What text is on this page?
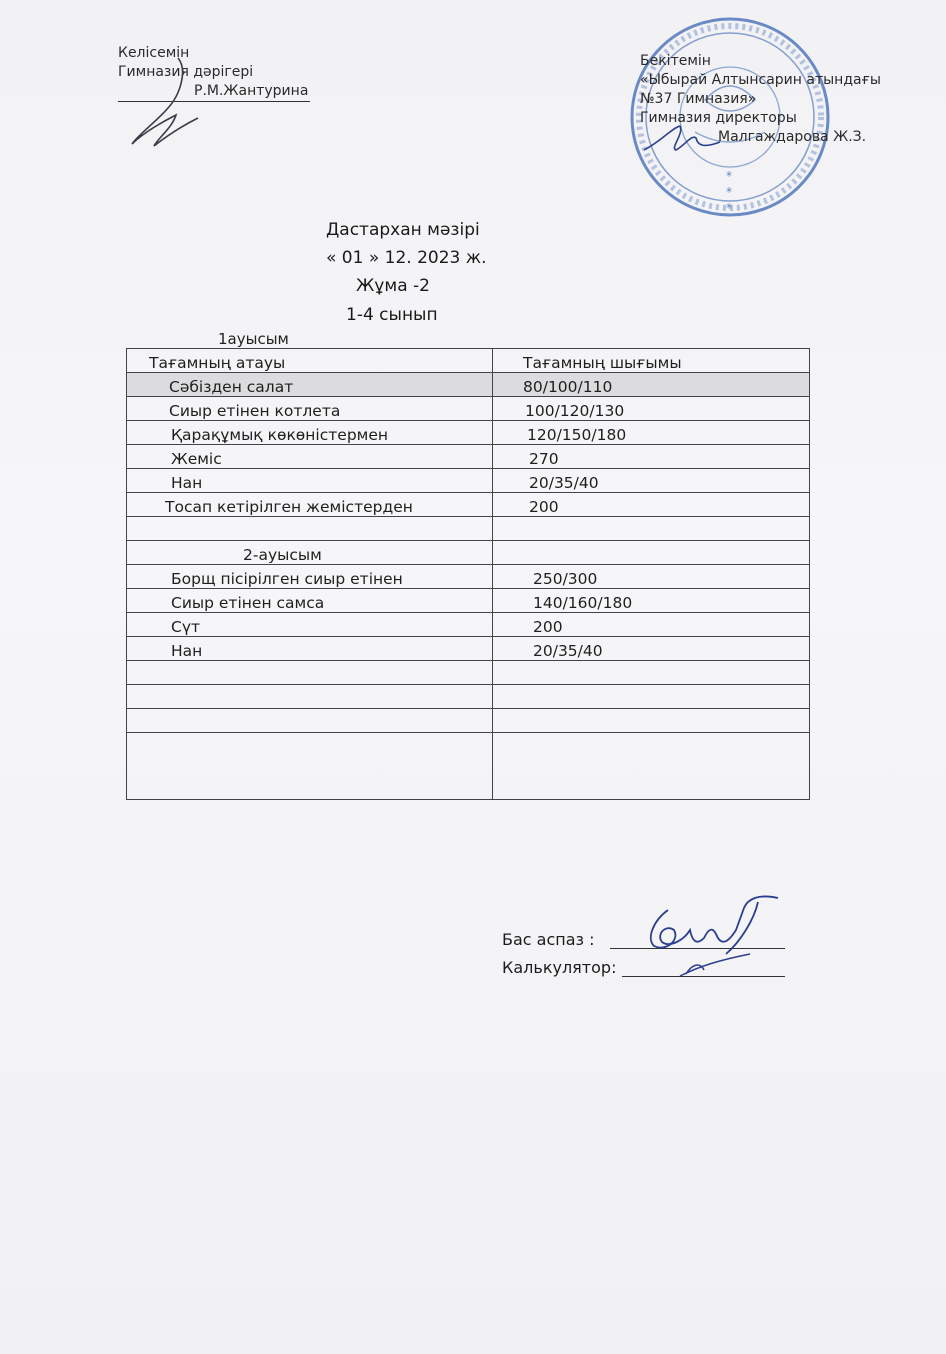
Келісемін
Гимназия дәрігері
Р.М.Жантурина
*
*
*
Бекітемін
«Ыбырай Алтынсарин атындағы
№37 Гимназия»
Гимназия директоры
Малгаждарова Ж.З.
Дастархан мәзірі
« 01 » 12. 2023 ж.
Жұма -2
1-4 сынып
1ауысым
Тағамның атауы	Тағамның шығымы
Сәбізден салат	80/100/110
Сиыр етінен котлета	100/120/130
Қарақұмық көкөністермен	120/150/180
Жеміс	270
Нан	20/35/40
Тосап кетірілген жемістерден	200

2-ауысым	
Борщ пісірілген сиыр етінен	250/300
Сиыр етінен самса	140/160/180
Сүт	200
Нан	20/35/40

Бас аспаз :
Калькулятор:
